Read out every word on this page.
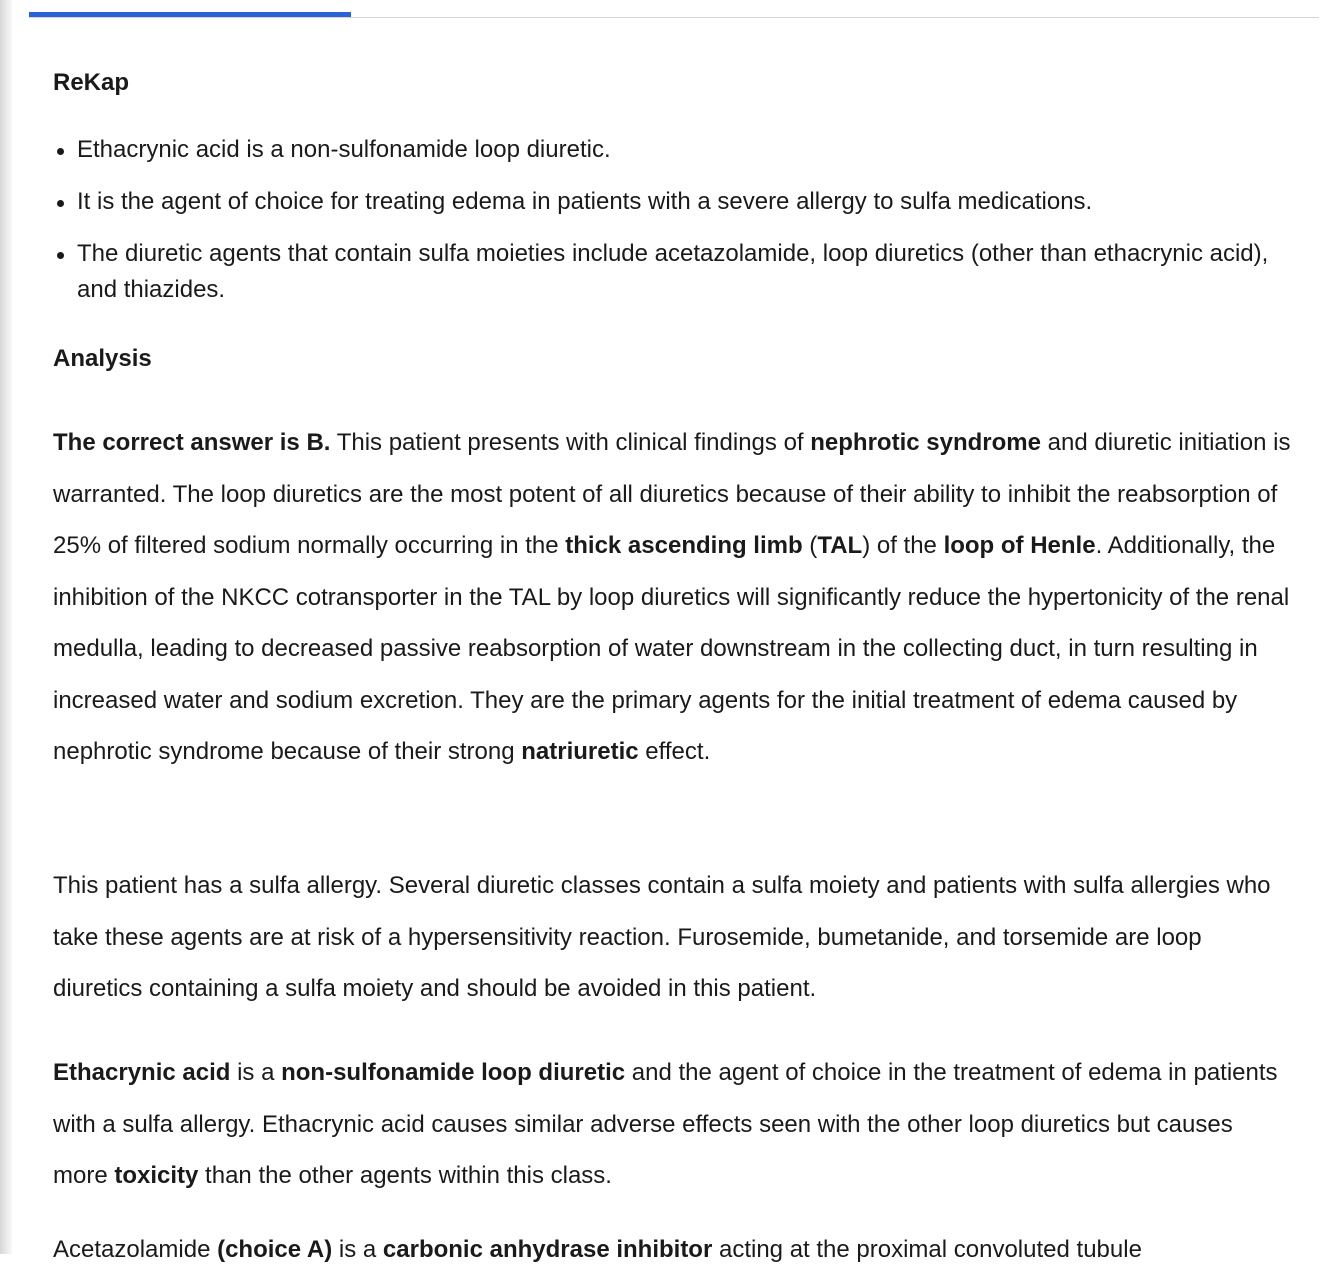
ReKap
Ethacrynic acid is a non-sulfonamide loop diuretic.
It is the agent of choice for treating edema in patients with a severe allergy to sulfa medications.
The diuretic agents that contain sulfa moieties include acetazolamide, loop diuretics (other than ethacrynic acid), and thiazides.
Analysis

The correct answer is B. This patient presents with clinical findings of nephrotic syndrome and diuretic initiation is warranted. The loop diuretics are the most potent of all diuretics because of their ability to inhibit the reabsorption of 25% of filtered sodium normally occurring in the thick ascending limb (TAL) of the loop of Henle. Additionally, the inhibition of the NKCC cotransporter in the TAL by loop diuretics will significantly reduce the hypertonicity of the renal medulla, leading to decreased passive reabsorption of water downstream in the collecting duct, in turn resulting in increased water and sodium excretion. They are the primary agents for the initial treatment of edema caused by nephrotic syndrome because of their strong natriuretic effect.

This patient has a sulfa allergy. Several diuretic classes contain a sulfa moiety and patients with sulfa allergies who take these agents are at risk of a hypersensitivity reaction. Furosemide, bumetanide, and torsemide are loop diuretics containing a sulfa moiety and should be avoided in this patient.

Ethacrynic acid is a non-sulfonamide loop diuretic and the agent of choice in the treatment of edema in patients with a sulfa allergy. Ethacrynic acid causes similar adverse effects seen with the other loop diuretics but causes more toxicity than the other agents within this class.

Acetazolamide (choice A) is a carbonic anhydrase inhibitor acting at the proximal convoluted tubule
